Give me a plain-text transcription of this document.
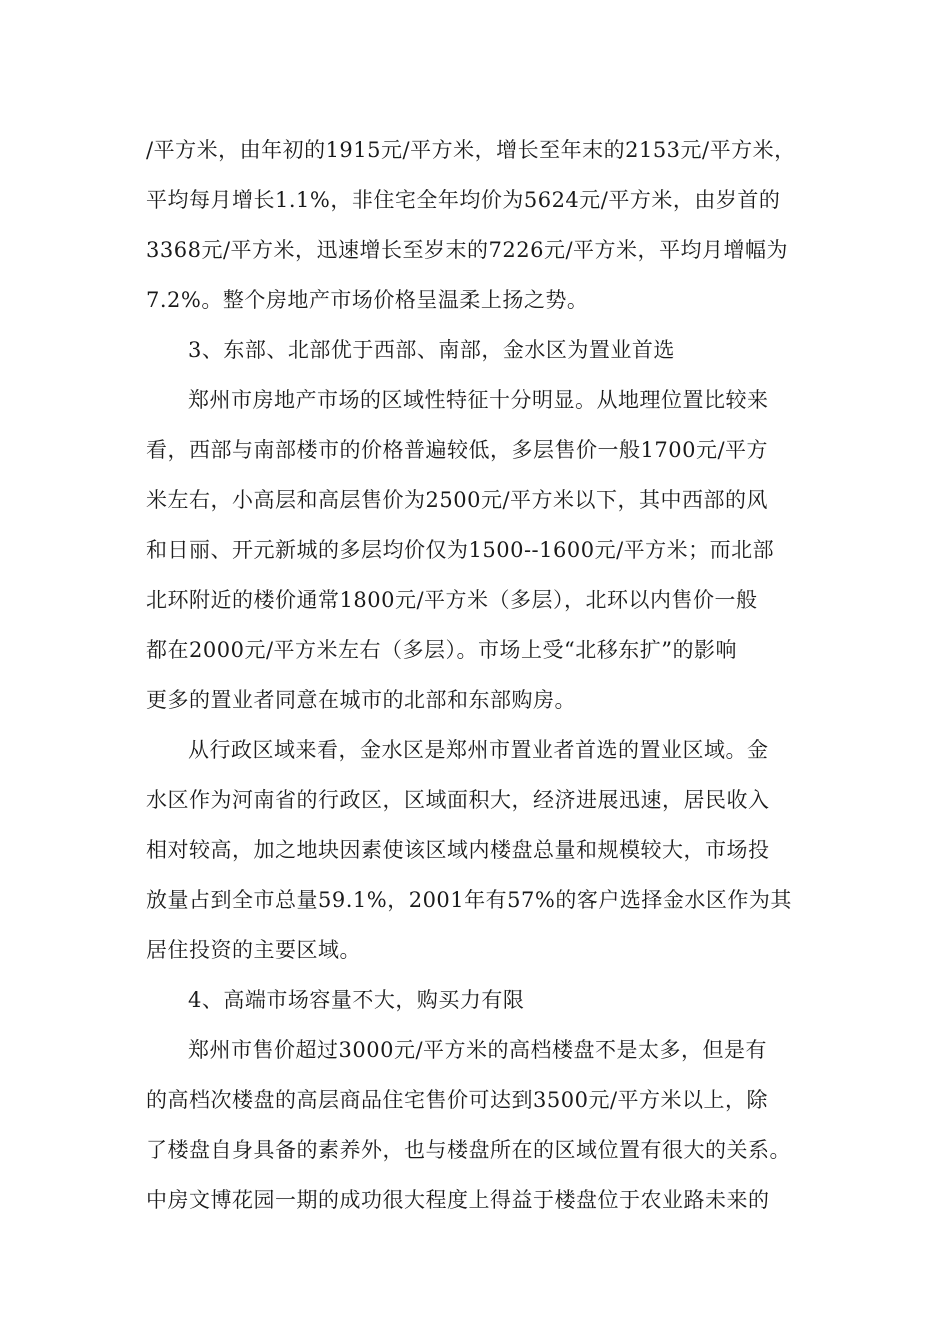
/平方米，由年初的1915元/平方米，增长至年末的2153元/平方米，
平均每月增长1.1%，非住宅全年均价为5624元/平方米，由岁首的
3368元/平方米，迅速增长至岁末的7226元/平方米，平均月增幅为
7.2%。整个房地产市场价格呈温柔上扬之势。
3、东部、北部优于西部、南部，金水区为置业首选
郑州市房地产市场的区域性特征十分明显。从地理位置比较来
看，西部与南部楼市的价格普遍较低，多层售价一般1700元/平方
米左右，小高层和高层售价为2500元/平方米以下，其中西部的风
和日丽、开元新城的多层均价仅为1500--1600元/平方米；而北部
北环附近的楼价通常1800元/平方米（多层），北环以内售价一般
都在2000元/平方米左右（多层）。市场上受“北移东扩”的影响
更多的置业者同意在城市的北部和东部购房。
从行政区域来看，金水区是郑州市置业者首选的置业区域。金
水区作为河南省的行政区，区域面积大，经济进展迅速，居民收入
相对较高，加之地块因素使该区域内楼盘总量和规模较大，市场投
放量占到全市总量59.1%，2001年有57%的客户选择金水区作为其
居住投资的主要区域。
4、高端市场容量不大，购买力有限
郑州市售价超过3000元/平方米的高档楼盘不是太多，但是有
的高档次楼盘的高层商品住宅售价可达到3500元/平方米以上，除
了楼盘自身具备的素养外，也与楼盘所在的区域位置有很大的关系。
中房文博花园一期的成功很大程度上得益于楼盘位于农业路未来的
